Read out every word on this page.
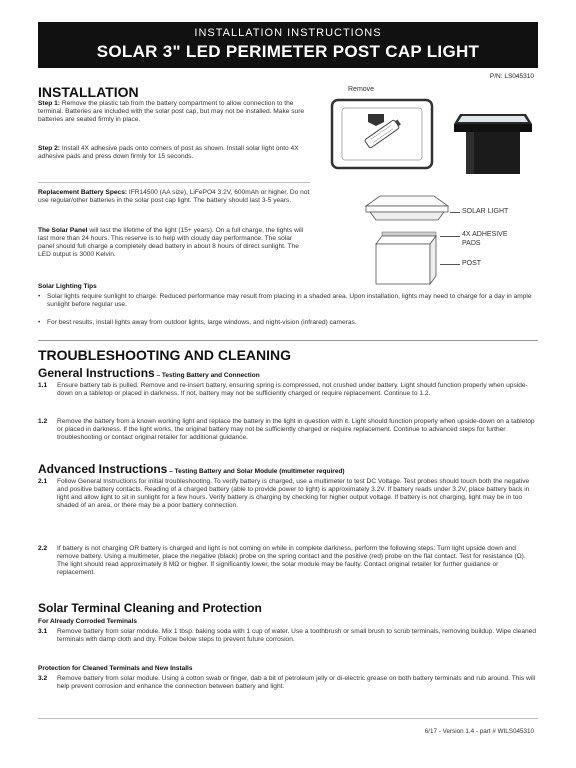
INSTALLATION INSTRUCTIONS
SOLAR 3" LED PERIMETER POST CAP LIGHT
P/N: LS045310
INSTALLATION
Step 1: Remove the plastic tab from the battery compartment to allow connection to the terminal. Batteries are included with the solar post cap, but may not be installed. Make sure batteries are seated firmly in place.
Step 2: Install 4X adhesive pads onto corners of post as shown. Install solar light onto 4X adhesive pads and press down firmly for 15 seconds.
Replacement Battery Specs: IFR14500 (AA size), LiFePO4 3.2V, 600mAh or higher. Do not use regular/other batteries in the solar post cap light. The battery should last 3-5 years.
The Solar Panel will last the lifetime of the light (15+ years). On a full charge, the lights will last more than 24 hours. This reserve is to help with cloudy day performance. The solar panel should full charge a completely dead battery in about 8 hours of direct sunlight. The LED output is 3000 Kelvin.
Solar Lighting Tips
• Solar lights require sunlight to charge. Reduced performance may result from placing in a shaded area. Upon installation, lights may need to charge for a day in ample sunlight before regular use.
• For best results, install lights away from outdoor lights, large windows, and night-vision (infrared) cameras.
Remove
SOLAR LIGHT
4X ADHESIVE
PADS
POST
TROUBLESHOOTING AND CLEANING
General Instructions – Testing Battery and Connection
1.1 Ensure battery tab is pulled. Remove and re-insert battery, ensuring spring is compressed, not crushed under battery. Light should function properly when upside-down on a tabletop or placed in darkness. If not, battery may not be sufficiently charged or require replacement. Continue to 1.2.
1.2 Remove the battery from a known working light and replace the battery in the light in question with it. Light should function properly when upside-down on a tabletop or placed in darkness. If the light works, the original battery may not be sufficiently charged or require replacement. Continue to advanced steps for further troubleshooting or contact original retailer for additional guidance.
Advanced Instructions – Testing Battery and Solar Module (multimeter required)
2.1 Follow General Instructions for initial troubleshooting. To verify battery is charged, use a multimeter to test DC Voltage. Test probes should touch both the negative and positive battery contacts. Reading of a charged battery (able to provide power to light) is approximately 3.2V. If battery reads under 3.2V, place battery back in light and allow light to sit in sunlight for a few hours. Verify battery is charging by checking for higher output voltage. If battery is not charging, light may be in too shaded of an area, or there may be a poor battery connection.
2.2 If battery is not charging OR battery is charged and light is not coming on while in complete darkness, perform the following steps: Turn light upside down and remove battery. Using a multimeter, place the negative (black) probe on the spring contact and the positive (red) probe on the flat contact. Test for resistance (Ω). The light should read approximately 8 MΩ or higher. If significantly lower, the solar module may be faulty. Contact original retailer for further guidance or replacement.
Solar Terminal Cleaning and Protection
For Already Corroded Terminals
3.1 Remove battery from solar module. Mix 1 tbsp. baking soda with 1 cup of water. Use a toothbrush or small brush to scrub terminals, removing buildup. Wipe cleaned terminals with damp cloth and dry. Follow below steps to prevent future corrosion.
Protection for Cleaned Terminals and New Installs
3.2 Remove battery from solar module. Using a cotton swab or finger, dab a bit of petroleum jelly or di-electric grease on both battery terminals and rub around. This will help prevent corrosion and enhance the connection between battery and light.
6/17 - Version 1.4 - part # WILS045310
